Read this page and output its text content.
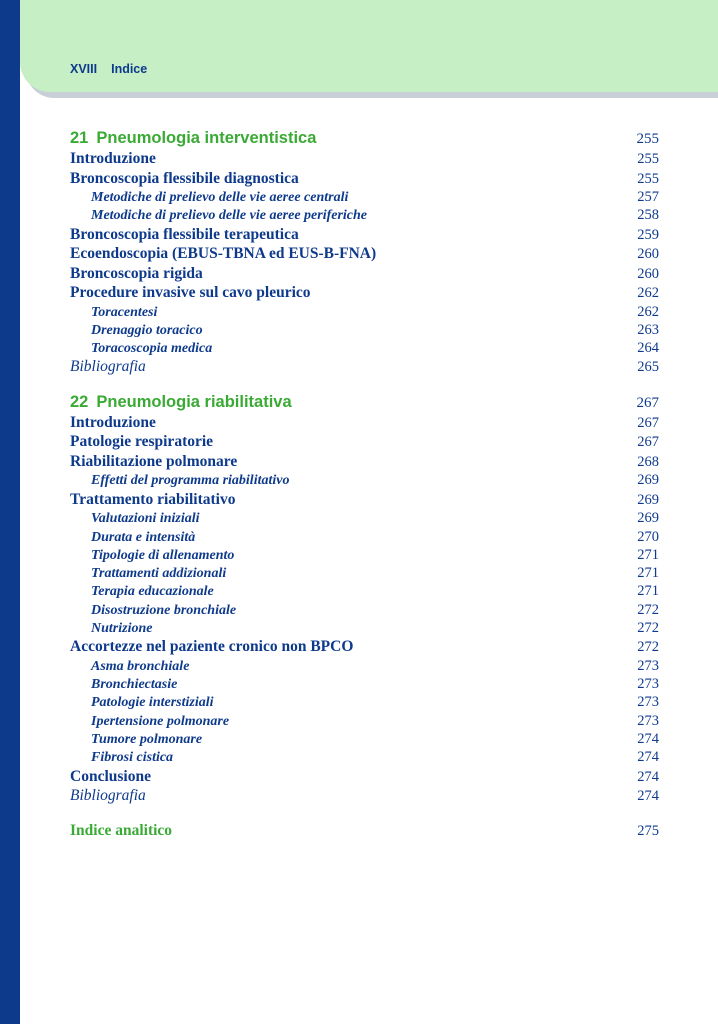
XVIII Indice
21 Pneumologia interventistica	255
Introduzione	255
Broncoscopia flessibile diagnostica	255
Metodiche di prelievo delle vie aeree centrali	257
Metodiche di prelievo delle vie aeree periferiche	258
Broncoscopia flessibile terapeutica	259
Ecoendoscopia (EBUS-TBNA ed EUS-B-FNA)	260
Broncoscopia rigida	260
Procedure invasive sul cavo pleurico	262
Toracentesi	262
Drenaggio toracico	263
Toracoscopia medica	264
Bibliografia	265
22 Pneumologia riabilitativa	267
Introduzione	267
Patologie respiratorie	267
Riabilitazione polmonare	268
Effetti del programma riabilitativo	269
Trattamento riabilitativo	269
Valutazioni iniziali	269
Durata e intensità	270
Tipologie di allenamento	271
Trattamenti addizionali	271
Terapia educazionale	271
Disostruzione bronchiale	272
Nutrizione	272
Accortezze nel paziente cronico non BPCO	272
Asma bronchiale	273
Bronchiectasie	273
Patologie interstiziali	273
Ipertensione polmonare	273
Tumore polmonare	274
Fibrosi cistica	274
Conclusione	274
Bibliografia	274
Indice analitico	275
